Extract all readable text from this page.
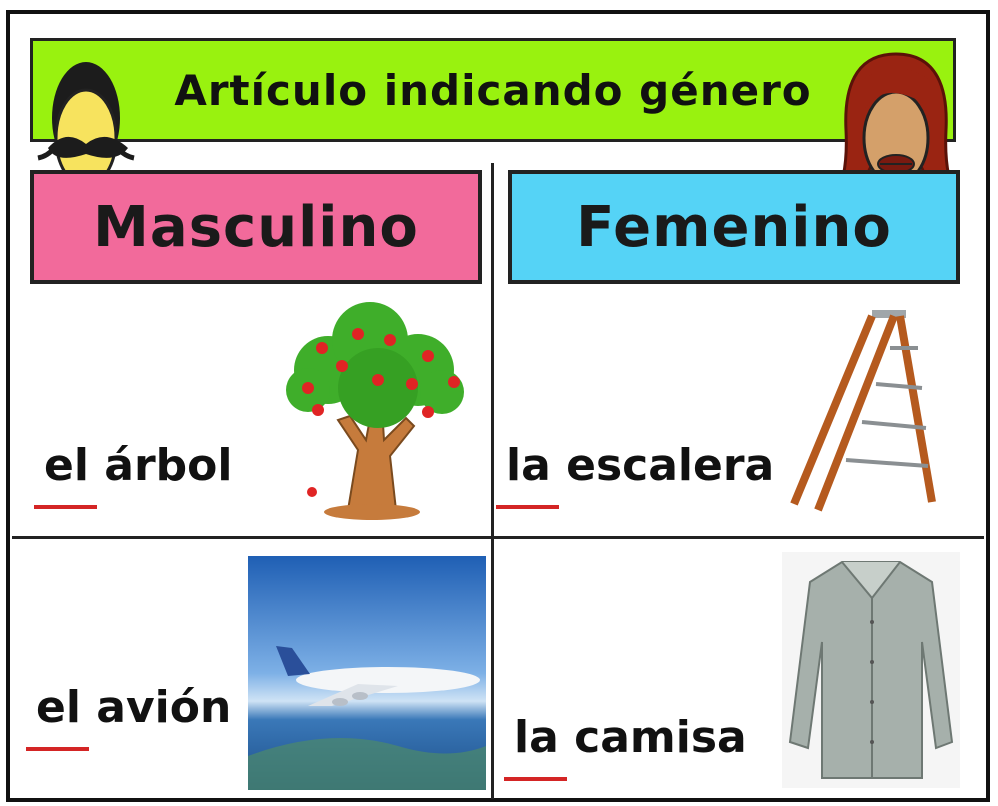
Artículo indicando género
Masculino	Femenino
el árbol	la escalera
el avión
la camisa
